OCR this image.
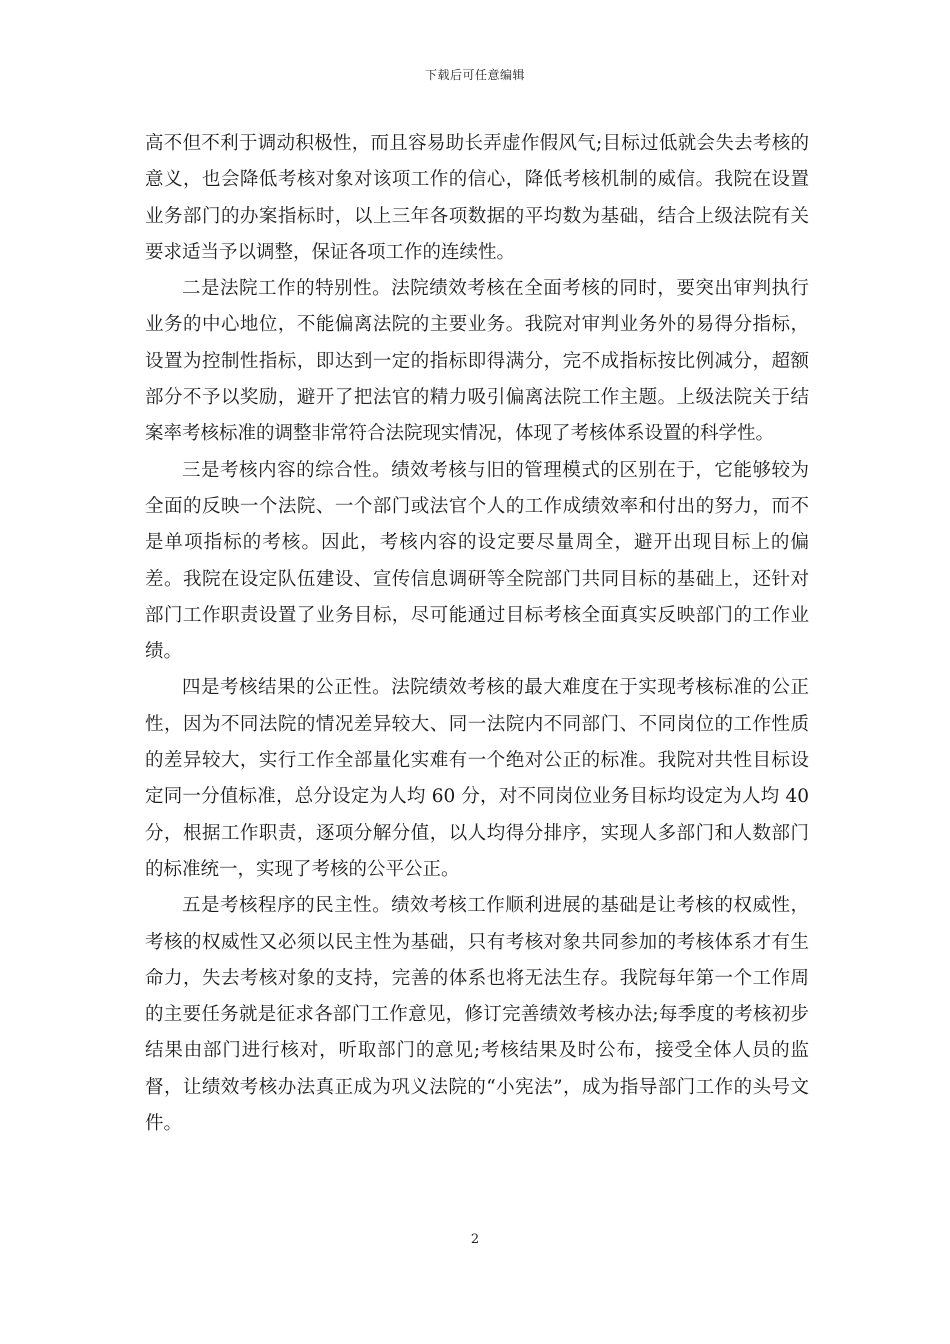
下载后可任意编辑

高不但不利于调动积极性，而且容易助长弄虚作假风气;目标过低就会失去考核的意义，也会降低考核对象对该项工作的信心，降低考核机制的威信。我院在设置业务部门的办案指标时，以上三年各项数据的平均数为基础，结合上级法院有关要求适当予以调整，保证各项工作的连续性。

二是法院工作的特别性。法院绩效考核在全面考核的同时，要突出审判执行业务的中心地位，不能偏离法院的主要业务。我院对审判业务外的易得分指标，设置为控制性指标，即达到一定的指标即得满分，完不成指标按比例减分，超额部分不予以奖励，避开了把法官的精力吸引偏离法院工作主题。上级法院关于结案率考核标准的调整非常符合法院现实情况，体现了考核体系设置的科学性。

三是考核内容的综合性。绩效考核与旧的管理模式的区别在于，它能够较为全面的反映一个法院、一个部门或法官个人的工作成绩效率和付出的努力，而不是单项指标的考核。因此，考核内容的设定要尽量周全，避开出现目标上的偏差。我院在设定队伍建设、宣传信息调研等全院部门共同目标的基础上，还针对部门工作职责设置了业务目标，尽可能通过目标考核全面真实反映部门的工作业绩。

四是考核结果的公正性。法院绩效考核的最大难度在于实现考核标准的公正性，因为不同法院的情况差异较大、同一法院内不同部门、不同岗位的工作性质的差异较大，实行工作全部量化实难有一个绝对公正的标准。我院对共性目标设定同一分值标准，总分设定为人均 60 分，对不同岗位业务目标均设定为人均 40 分，根据工作职责，逐项分解分值，以人均得分排序，实现人多部门和人数部门的标准统一，实现了考核的公平公正。

五是考核程序的民主性。绩效考核工作顺利进展的基础是让考核的权威性，考核的权威性又必须以民主性为基础，只有考核对象共同参加的考核体系才有生命力，失去考核对象的支持，完善的体系也将无法生存。我院每年第一个工作周的主要任务就是征求各部门工作意见，修订完善绩效考核办法;每季度的考核初步结果由部门进行核对，听取部门的意见;考核结果及时公布，接受全体人员的监督，让绩效考核办法真正成为巩义法院的“小宪法”，成为指导部门工作的头号文件。

2
